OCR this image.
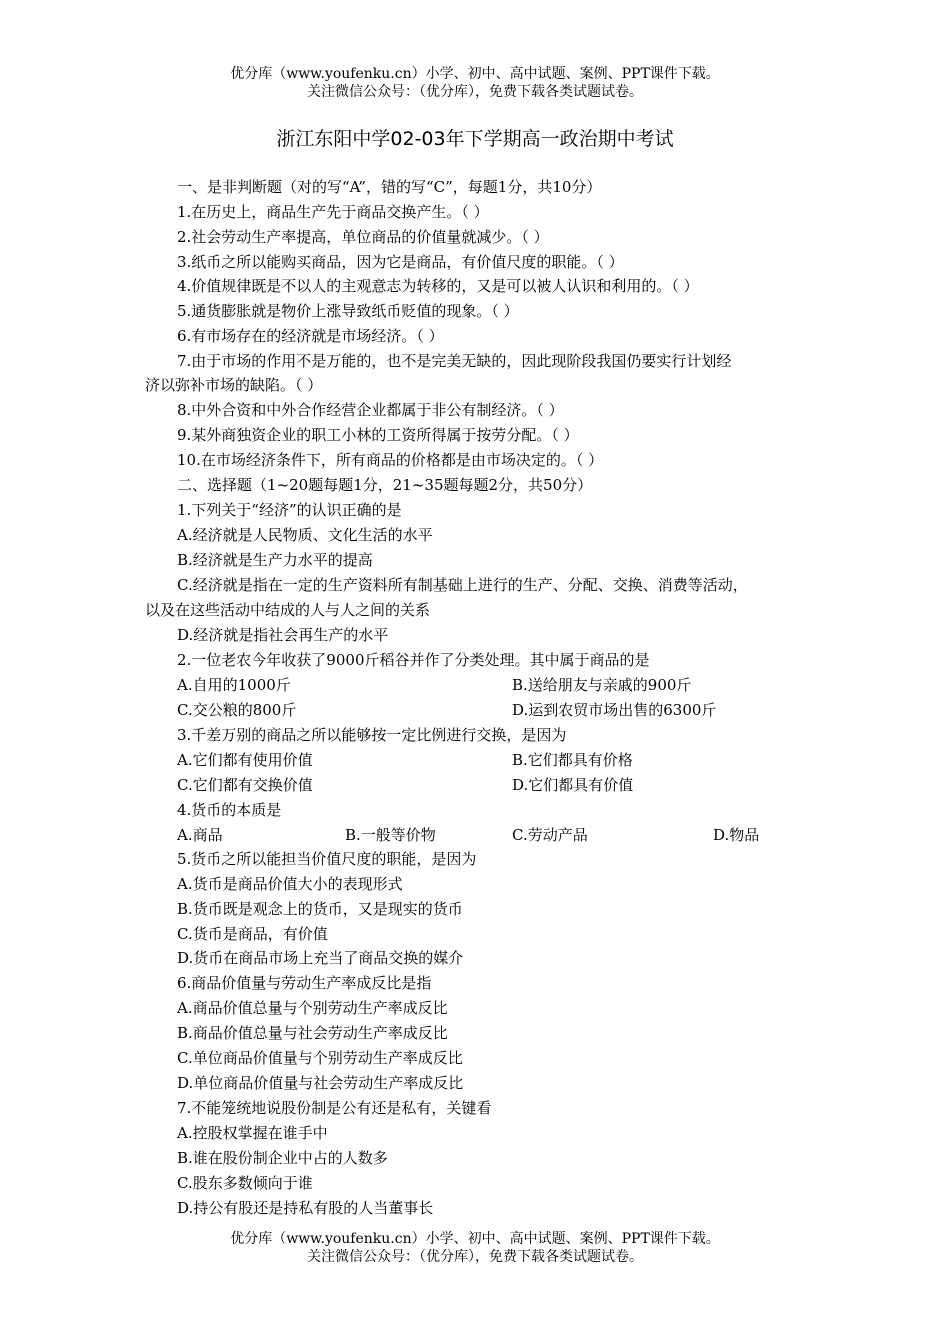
优分库（www.youfenku.cn）小学、初中、高中试题、案例、PPT课件下载。
关注微信公众号：（优分库），免费下载各类试题试卷。
浙江东阳中学02-03年下学期高一政治期中考试
一、是非判断题（对的写“A”，错的写“C”，每题1分，共10分）
1.在历史上，商品生产先于商品交换产生。（ ）
2.社会劳动生产率提高，单位商品的价值量就减少。（ ）
3.纸币之所以能购买商品，因为它是商品，有价值尺度的职能。（ ）
4.价值规律既是不以人的主观意志为转移的，又是可以被人认识和利用的。（ ）
5.通货膨胀就是物价上涨导致纸币贬值的现象。（ ）
6.有市场存在的经济就是市场经济。（ ）
7.由于市场的作用不是万能的，也不是完美无缺的，因此现阶段我国仍要实行计划经
济以弥补市场的缺陷。（ ）
8.中外合资和中外合作经营企业都属于非公有制经济。（ ）
9.某外商独资企业的职工小林的工资所得属于按劳分配。（ ）
10.在市场经济条件下，所有商品的价格都是由市场决定的。（ ）
二、选择题（1~20题每题1分，21~35题每题2分，共50分）
1.下列关于“经济”的认识正确的是
A.经济就是人民物质、文化生活的水平
B.经济就是生产力水平的提高
C.经济就是指在一定的生产资料所有制基础上进行的生产、分配、交换、消费等活动，
以及在这些活动中结成的人与人之间的关系
D.经济就是指社会再生产的水平
2.一位老农今年收获了9000斤稻谷并作了分类处理。其中属于商品的是
A.自用的1000斤	B.送给朋友与亲戚的900斤
C.交公粮的800斤	D.运到农贸市场出售的6300斤
3.千差万别的商品之所以能够按一定比例进行交换，是因为
A.它们都有使用价值	B.它们都具有价格
C.它们都有交换价值	D.它们都具有价值
4.货币的本质是
A.商品	B.一般等价物	C.劳动产品	D.物品
5.货币之所以能担当价值尺度的职能，是因为
A.货币是商品价值大小的表现形式
B.货币既是观念上的货币，又是现实的货币
C.货币是商品，有价值
D.货币在商品市场上充当了商品交换的媒介
6.商品价值量与劳动生产率成反比是指
A.商品价值总量与个别劳动生产率成反比
B.商品价值总量与社会劳动生产率成反比
C.单位商品价值量与个别劳动生产率成反比
D.单位商品价值量与社会劳动生产率成反比
7.不能笼统地说股份制是公有还是私有，关键看
A.控股权掌握在谁手中
B.谁在股份制企业中占的人数多
C.股东多数倾向于谁
D.持公有股还是持私有股的人当董事长
优分库（www.youfenku.cn）小学、初中、高中试题、案例、PPT课件下载。
关注微信公众号：（优分库），免费下载各类试题试卷。
